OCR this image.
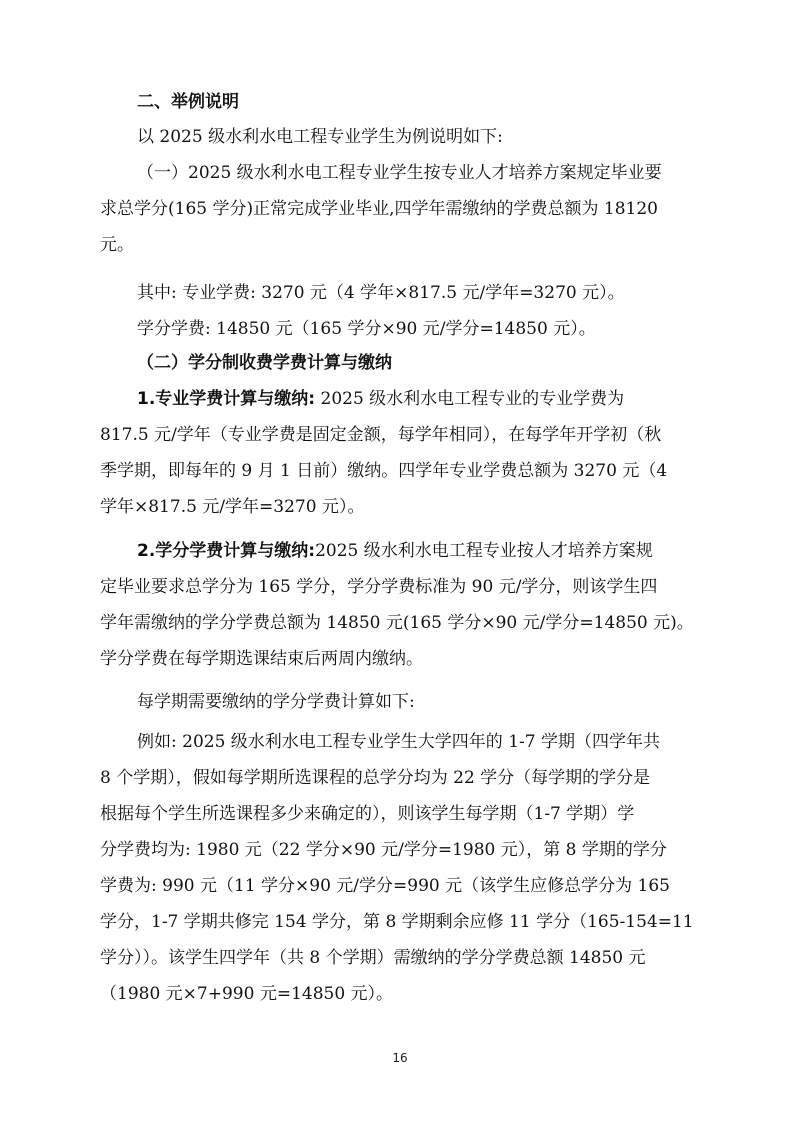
二、举例说明
以 2025 级水利水电工程专业学生为例说明如下:
（一）2025 级水利水电工程专业学生按专业人才培养方案规定毕业要
求总学分(165 学分)正常完成学业毕业,四学年需缴纳的学费总额为 18120
元。
其中: 专业学费: 3270 元（4 学年×817.5 元/学年=3270 元）。
学分学费: 14850 元（165 学分×90 元/学分=14850 元）。
（二）学分制收费学费计算与缴纳
1.专业学费计算与缴纳: 2025 级水利水电工程专业的专业学费为
817.5 元/学年（专业学费是固定金额，每学年相同），在每学年开学初（秋
季学期，即每年的 9 月 1 日前）缴纳。四学年专业学费总额为 3270 元（4
学年×817.5 元/学年=3270 元）。
2.学分学费计算与缴纳:2025 级水利水电工程专业按人才培养方案规
定毕业要求总学分为 165 学分，学分学费标准为 90 元/学分，则该学生四
学年需缴纳的学分学费总额为 14850 元(165 学分×90 元/学分=14850 元)。
学分学费在每学期选课结束后两周内缴纳。
每学期需要缴纳的学分学费计算如下:
例如: 2025 级水利水电工程专业学生大学四年的 1-7 学期（四学年共
8 个学期），假如每学期所选课程的总学分均为 22 学分（每学期的学分是
根据每个学生所选课程多少来确定的），则该学生每学期（1-7 学期）学
分学费均为: 1980 元（22 学分×90 元/学分=1980 元），第 8 学期的学分
学费为: 990 元（11 学分×90 元/学分=990 元（该学生应修总学分为 165
学分，1-7 学期共修完 154 学分，第 8 学期剩余应修 11 学分（165-154=11
学分））。该学生四学年（共 8 个学期）需缴纳的学分学费总额 14850 元
（1980 元×7+990 元=14850 元）。
16
